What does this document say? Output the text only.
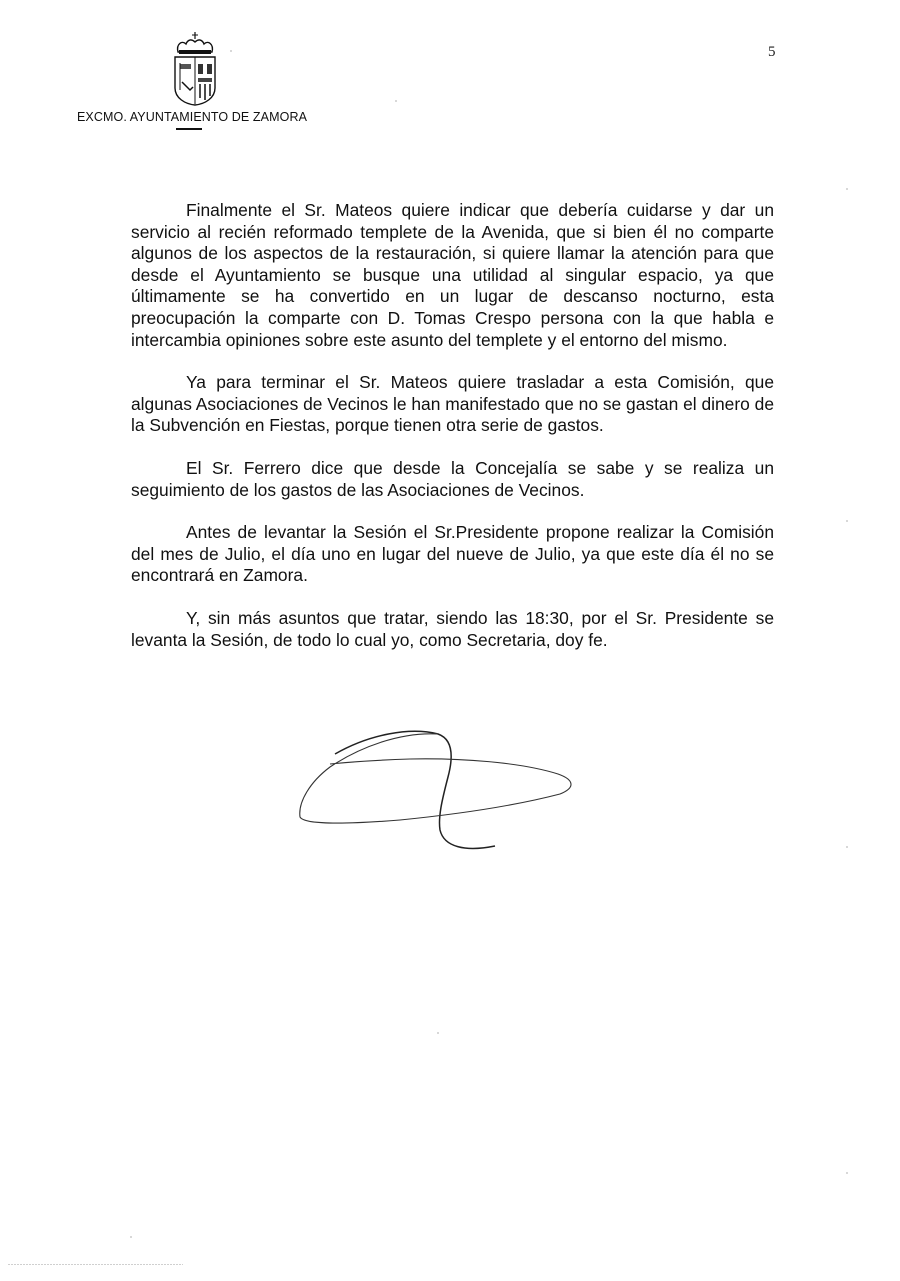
EXCMO. AYUNTAMIENTO DE ZAMORA
5

Finalmente el Sr. Mateos quiere indicar que debería cuidarse y dar un servicio al recién reformado templete de la Avenida, que si bien él no comparte algunos de los aspectos de la restauración, si quiere llamar la atención para que desde el Ayuntamiento se busque una utilidad al singular espacio, ya que últimamente se ha convertido en un lugar de descanso nocturno, esta preocupación la comparte con D. Tomas Crespo persona con la que habla e intercambia opiniones sobre este asunto del templete y el entorno del mismo.

Ya para terminar el Sr. Mateos quiere trasladar a esta Comisión, que algunas Asociaciones de Vecinos le han manifestado que no se gastan el dinero de la Subvención en Fiestas, porque tienen otra serie de gastos.

El Sr. Ferrero dice que desde la Concejalía se sabe y se realiza un seguimiento de los gastos de las Asociaciones de Vecinos.

Antes de levantar la Sesión el Sr.Presidente propone realizar la Comisión del mes de Julio, el día uno en lugar del nueve de Julio, ya que este día él no se encontrará en Zamora.

Y, sin más asuntos que tratar, siendo las 18:30, por el Sr. Presidente se levanta la Sesión, de todo lo cual yo, como Secretaria, doy fe.
